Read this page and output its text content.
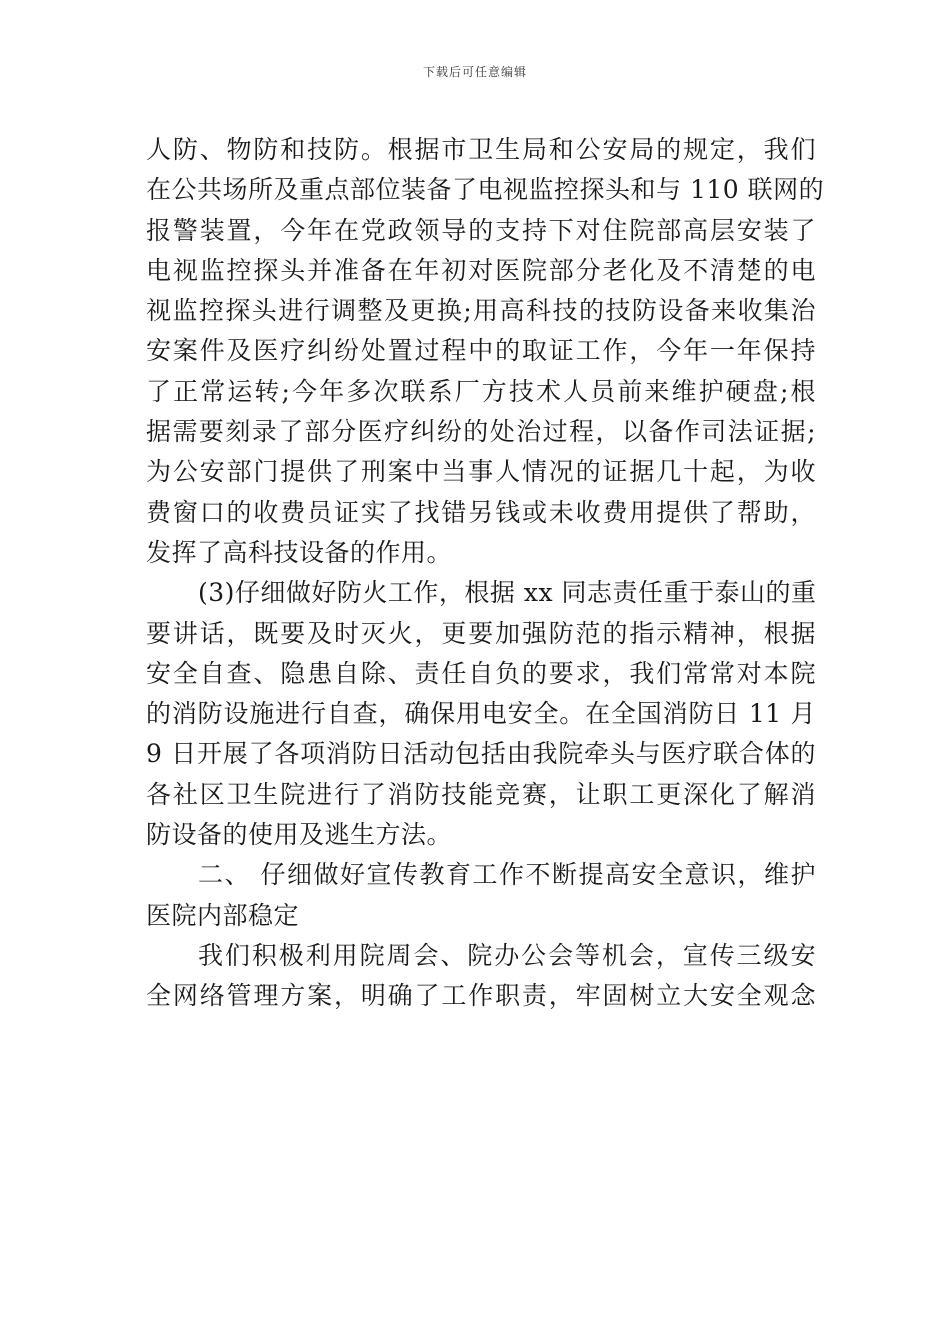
下载后可任意编辑
人防、物防和技防。根据市卫生局和公安局的规定，我们
在公共场所及重点部位装备了电视监控探头和与 110 联网的
报警装置，今年在党政领导的支持下对住院部高层安装了
电视监控探头并准备在年初对医院部分老化及不清楚的电
视监控探头进行调整及更换;用高科技的技防设备来收集治
安案件及医疗纠纷处置过程中的取证工作，今年一年保持
了正常运转;今年多次联系厂方技术人员前来维护硬盘;根
据需要刻录了部分医疗纠纷的处治过程，以备作司法证据;
为公安部门提供了刑案中当事人情况的证据几十起，为收
费窗口的收费员证实了找错另钱或未收费用提供了帮助，
发挥了高科技设备的作用。
(3)仔细做好防火工作，根据 xx 同志责任重于泰山的重
要讲话，既要及时灭火，更要加强防范的指示精神，根据
安全自查、隐患自除、责任自负的要求，我们常常对本院
的消防设施进行自查，确保用电安全。在全国消防日 11 月
9 日开展了各项消防日活动包括由我院牵头与医疗联合体的
各社区卫生院进行了消防技能竞赛，让职工更深化了解消
防设备的使用及逃生方法。
二、 仔细做好宣传教育工作不断提高安全意识，维护
医院内部稳定
我们积极利用院周会、院办公会等机会，宣传三级安
全网络管理方案，明确了工作职责，牢固树立大安全观念
